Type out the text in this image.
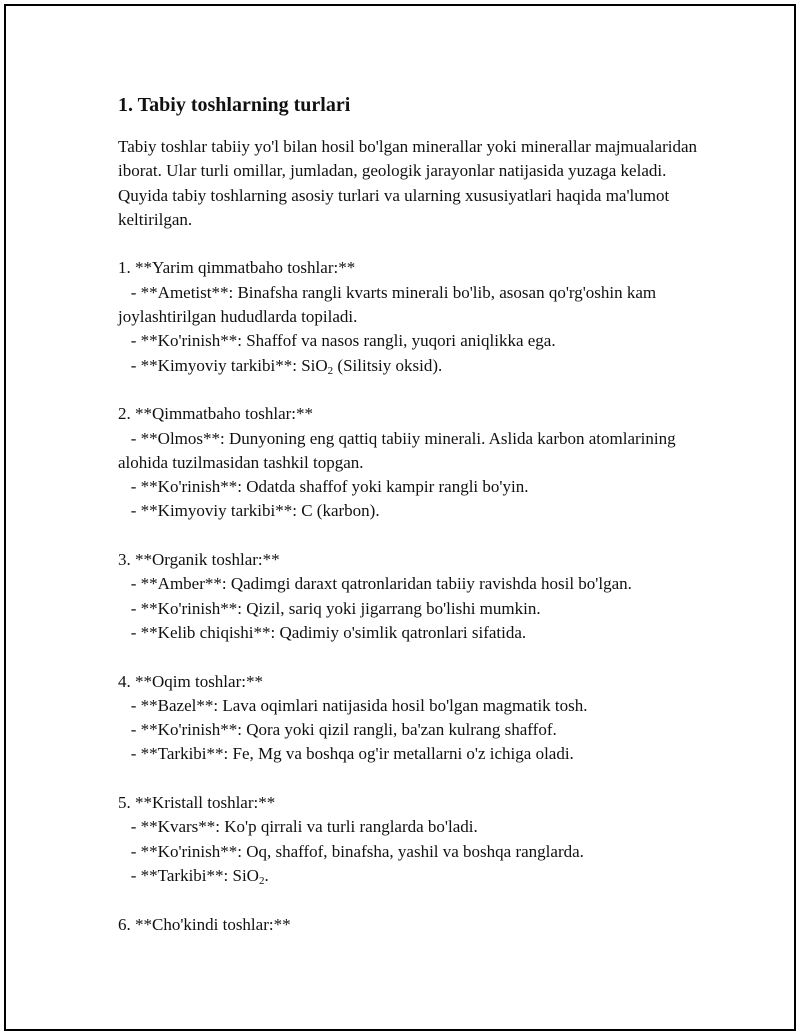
1. Tabiy toshlarning turlari

Tabiy toshlar tabiiy yo'l bilan hosil bo'lgan minerallar yoki minerallar majmualaridan iborat. Ular turli omillar, jumladan, geologik jarayonlar natijasida yuzaga keladi. Quyida tabiy toshlarning asosiy turlari va ularning xususiyatlari haqida ma'lumot keltirilgan.

1. **Yarim qimmatbaho toshlar:**
- **Ametist**: Binafsha rangli kvarts minerali bo'lib, asosan qo'rg'oshin kam joylashtirilgan hududlarda topiladi.
- **Ko'rinish**: Shaffof va nasos rangli, yuqori aniqlikka ega.
- **Kimyoviy tarkibi**: SiO$_2$ (Silitsiy oksid).
2. **Qimmatbaho toshlar:**
- **Olmos**: Dunyoning eng qattiq tabiiy minerali. Aslida karbon atomlarining alohida tuzilmasidan tashkil topgan.
- **Ko'rinish**: Odatda shaffof yoki kampir rangli bo'yin.
- **Kimyoviy tarkibi**: C (karbon).
3. **Organik toshlar:**
- **Amber**: Qadimgi daraxt qatronlaridan tabiiy ravishda hosil bo'lgan.
- **Ko'rinish**: Qizil, sariq yoki jigarrang bo'lishi mumkin.
- **Kelib chiqishi**: Qadimiy o'simlik qatronlari sifatida.
4. **Oqim toshlar:**
- **Bazel**: Lava oqimlari natijasida hosil bo'lgan magmatik tosh.
- **Ko'rinish**: Qora yoki qizil rangli, ba'zan kulrang shaffof.
- **Tarkibi**: Fe, Mg va boshqa og'ir metallarni o'z ichiga oladi.
5. **Kristall toshlar:**
- **Kvars**: Ko'p qirrali va turli ranglarda bo'ladi.
- **Ko'rinish**: Oq, shaffof, binafsha, yashil va boshqa ranglarda.
- **Tarkibi**: SiO$_2$.
6. **Cho'kindi toshlar:**
